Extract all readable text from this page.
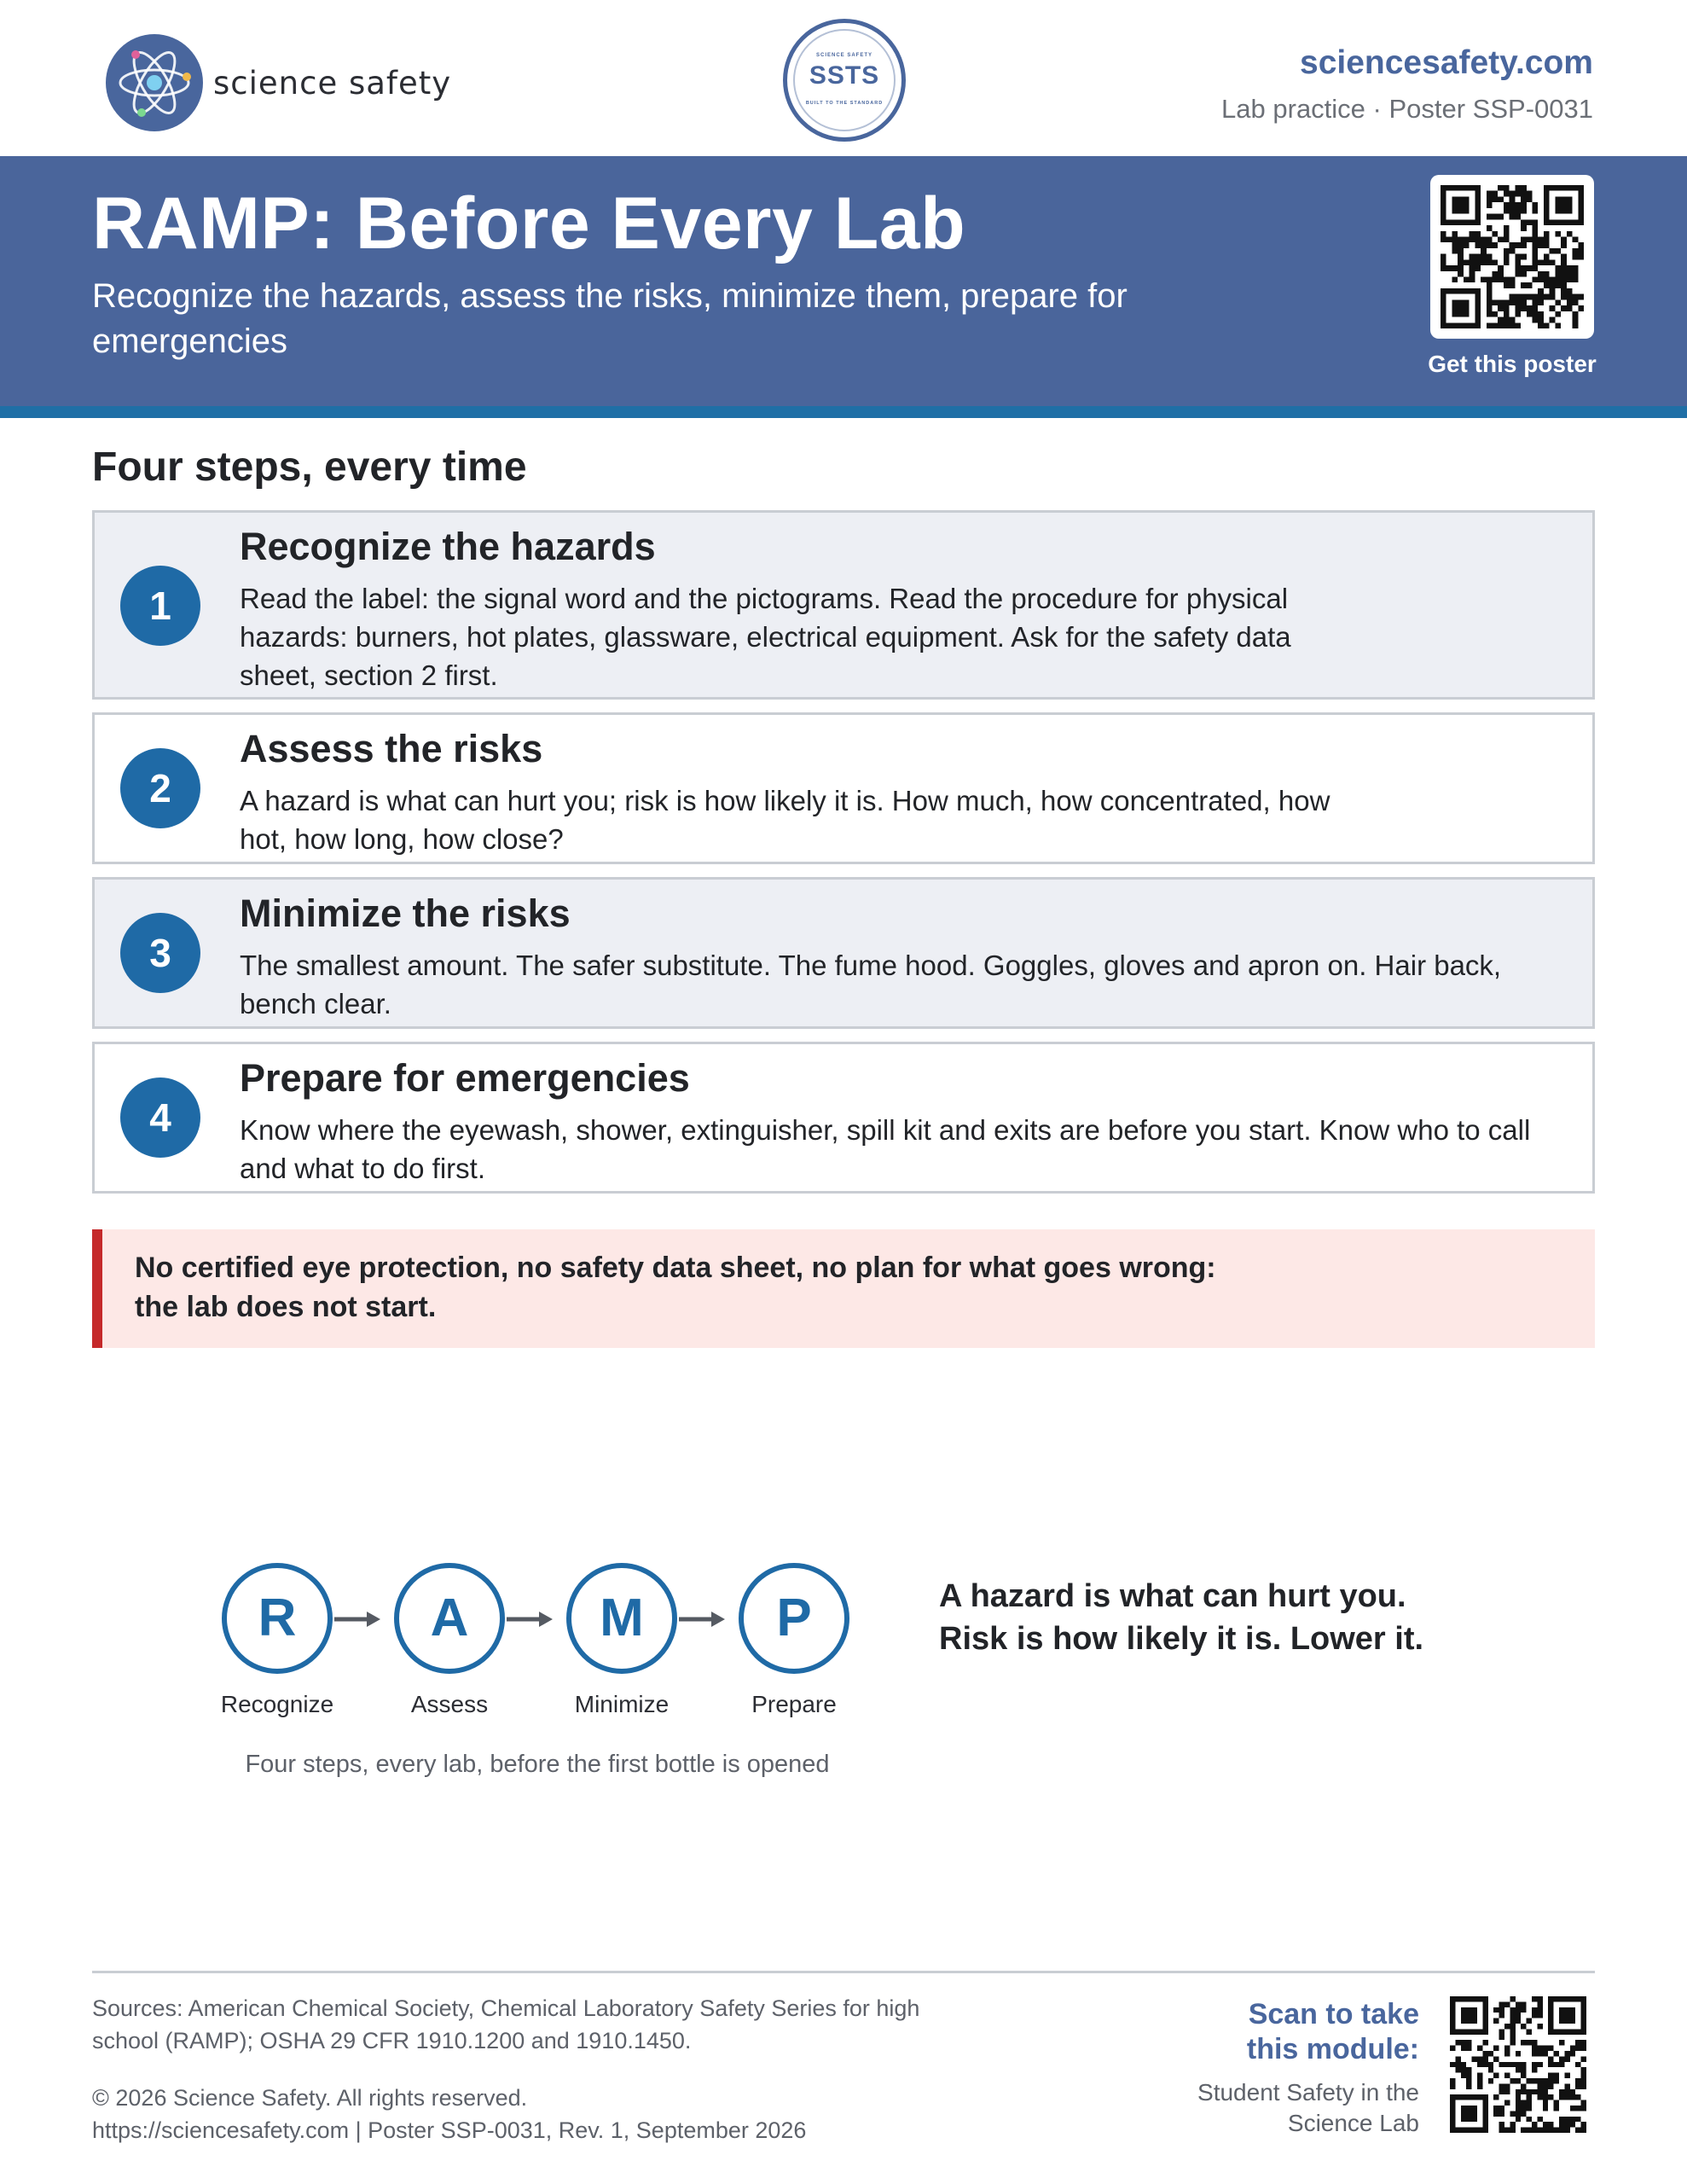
science safety
SCIENCE SAFETY
SSTS
BUILT TO THE STANDARD
sciencesafety.com
Lab practice · Poster SSP-0031
RAMP: Before Every Lab
Recognize the hazards, assess the risks, minimize them, prepare for emergencies
Get this poster
Four steps, every time
1
Recognize the hazards
Read the label: the signal word and the pictograms. Read the procedure for physical hazards: burners, hot plates, glassware, electrical equipment. Ask for the safety data sheet, section 2 first.
2
Assess the risks
A hazard is what can hurt you; risk is how likely it is. How much, how concentrated, how hot, how long, how close?
3
Minimize the risks
The smallest amount. The safer substitute. The fume hood. Goggles, gloves and apron on. Hair back, bench clear.
4
Prepare for emergencies
Know where the eyewash, shower, extinguisher, spill kit and exits are before you start. Know who to call and what to do first.

No certified eye protection, no safety data sheet, no plan for what goes wrong:
the lab does not start.

R	A	M	P
Recognize	Assess	Minimize	Prepare
Four steps, every lab, before the first bottle is opened
A hazard is what can hurt you.
Risk is how likely it is. Lower it.
Sources: American Chemical Society, Chemical Laboratory Safety Series for high
school (RAMP); OSHA 29 CFR 1910.1200 and 1910.1450.
© 2026 Science Safety. All rights reserved.
https://sciencesafety.com | Poster SSP-0031, Rev. 1, September 2026
Scan to take
this module:
Student Safety in the
Science Lab
